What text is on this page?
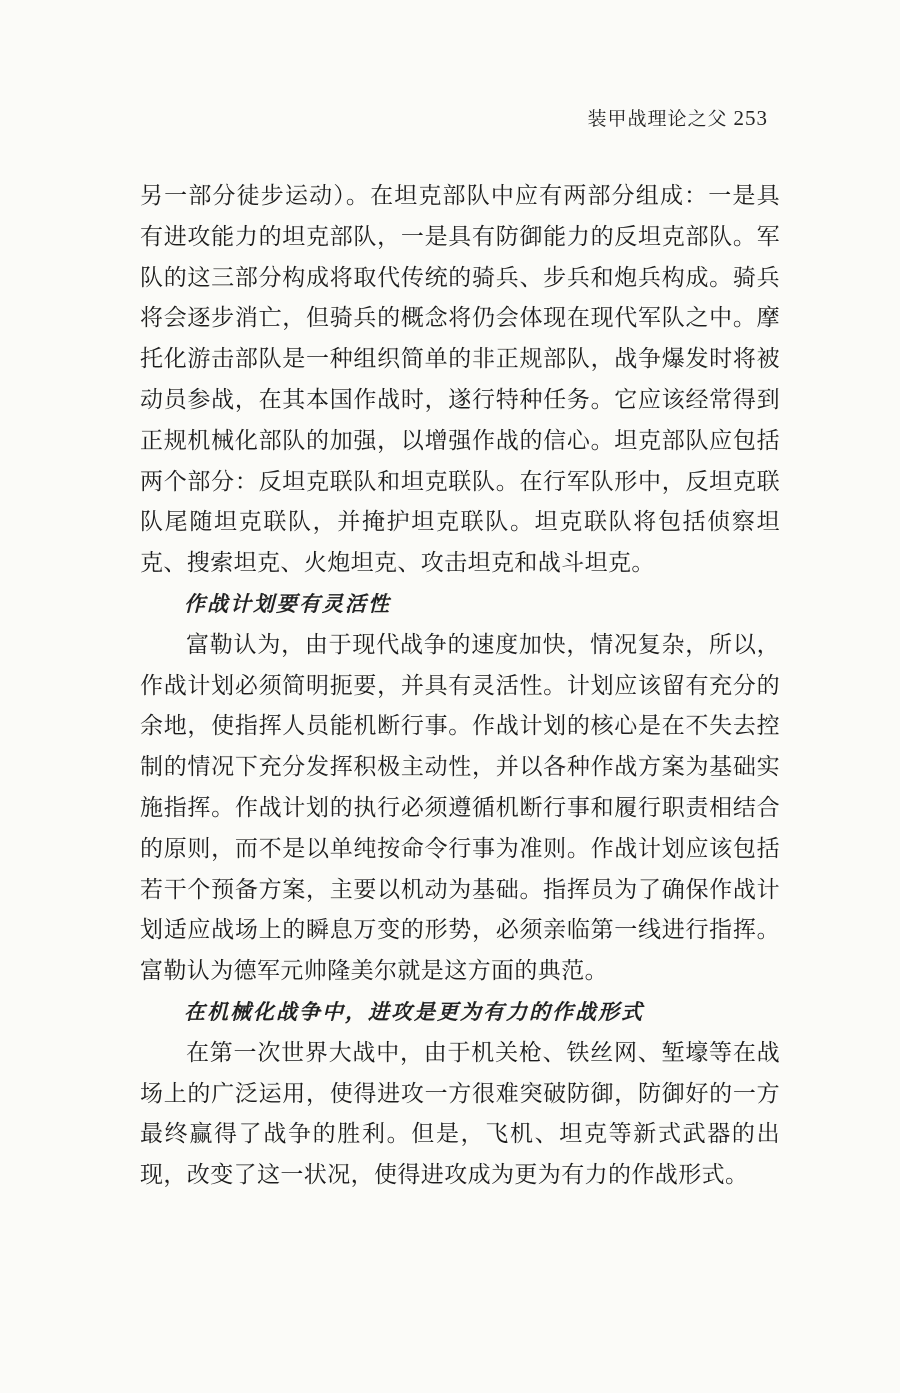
装甲战理论之父 253

另一部分徒步运动）。在坦克部队中应有两部分组成：一是具有进攻能力的坦克部队，一是具有防御能力的反坦克部队。军队的这三部分构成将取代传统的骑兵、步兵和炮兵构成。骑兵将会逐步消亡，但骑兵的概念将仍会体现在现代军队之中。摩托化游击部队是一种组织简单的非正规部队，战争爆发时将被动员参战，在其本国作战时，遂行特种任务。它应该经常得到正规机械化部队的加强，以增强作战的信心。坦克部队应包括两个部分：反坦克联队和坦克联队。在行军队形中，反坦克联队尾随坦克联队，并掩护坦克联队。坦克联队将包括侦察坦克、搜索坦克、火炮坦克、攻击坦克和战斗坦克。

作战计划要有灵活性

富勒认为，由于现代战争的速度加快，情况复杂，所以，作战计划必须简明扼要，并具有灵活性。计划应该留有充分的余地，使指挥人员能机断行事。作战计划的核心是在不失去控制的情况下充分发挥积极主动性，并以各种作战方案为基础实施指挥。作战计划的执行必须遵循机断行事和履行职责相结合的原则，而不是以单纯按命令行事为准则。作战计划应该包括若干个预备方案，主要以机动为基础。指挥员为了确保作战计划适应战场上的瞬息万变的形势，必须亲临第一线进行指挥。富勒认为德军元帅隆美尔就是这方面的典范。

在机械化战争中，进攻是更为有力的作战形式

在第一次世界大战中，由于机关枪、铁丝网、堑壕等在战场上的广泛运用，使得进攻一方很难突破防御，防御好的一方最终赢得了战争的胜利。但是，飞机、坦克等新式武器的出现，改变了这一状况，使得进攻成为更为有力的作战形式。
